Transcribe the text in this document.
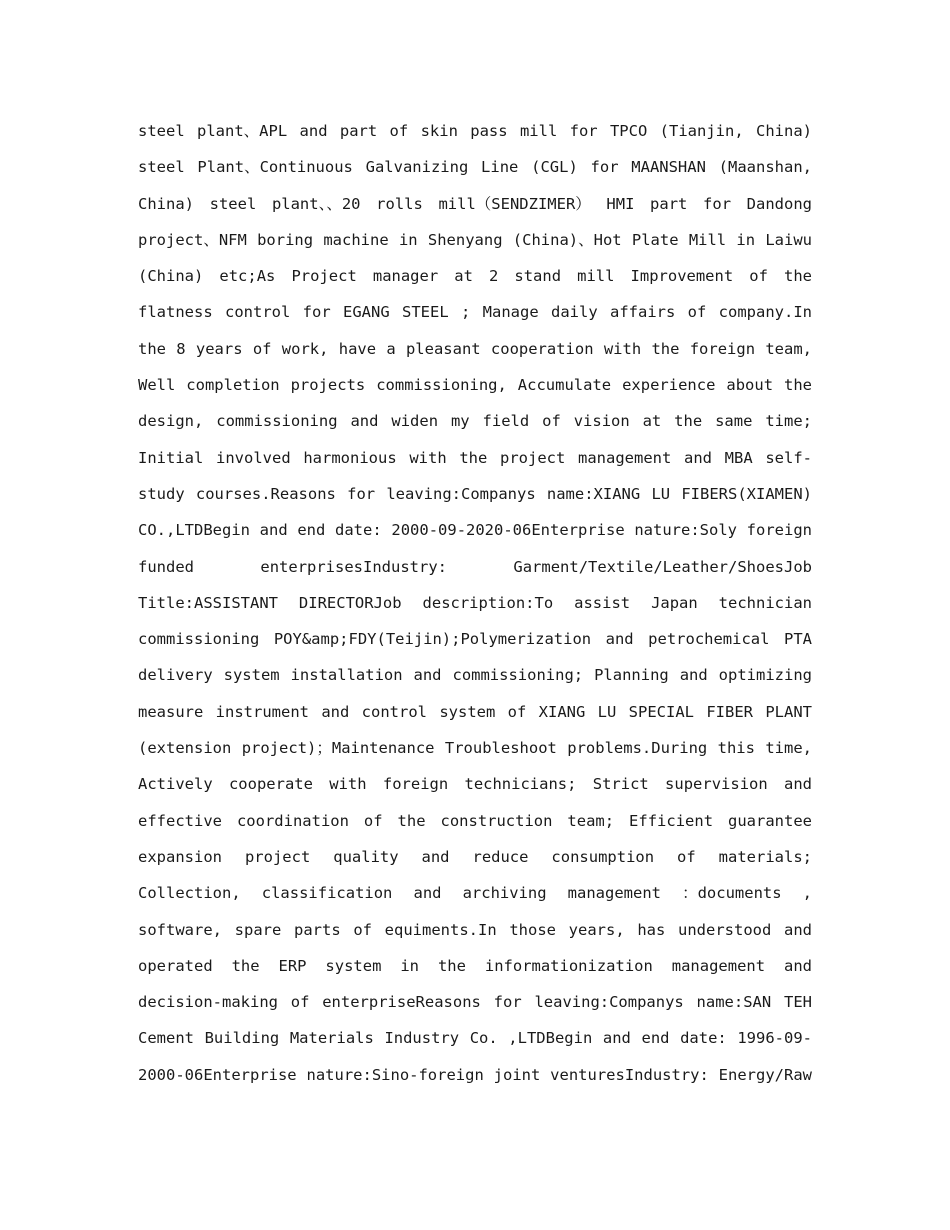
steel plant、APL and part of skin pass mill for TPCO (Tianjin, China)
steel Plant、Continuous Galvanizing Line (CGL) for MAANSHAN (Maanshan,
China) steel plant、、20 rolls mill（SENDZIMER） HMI part for Dandong
project、NFM boring machine in Shenyang (China)、Hot Plate Mill in Laiwu
(China) etc;As Project manager at 2 stand mill Improvement of the
flatness control for EGANG STEEL ; Manage daily affairs of company.In
the 8 years of work, have a pleasant cooperation with the foreign team,
Well completion projects commissioning, Accumulate experience about the
design, commissioning and widen my field of vision at the same time;
Initial involved harmonious with the project management and MBA self-
study courses.Reasons for leaving:Companys name:XIANG LU FIBERS(XIAMEN)
CO.,LTDBegin and end date: 2000-09-2020-06Enterprise nature:Soly foreign
funded enterprisesIndustry: Garment/Textile/Leather/ShoesJob
Title:ASSISTANT DIRECTORJob description:To assist Japan technician
commissioning POY&amp;FDY(Teijin);Polymerization and petrochemical PTA
delivery system installation and commissioning; Planning and optimizing
measure instrument and control system of XIANG LU SPECIAL FIBER PLANT
(extension project)；Maintenance Troubleshoot problems.During this time,
Actively cooperate with foreign technicians; Strict supervision and
effective coordination of the construction team; Efficient guarantee
expansion project quality and reduce consumption of materials;
Collection, classification and archiving management ：documents ,
software, spare parts of equiments.In those years, has understood and
operated the ERP system in the informationization management and
decision-making of enterpriseReasons for leaving:Companys name:SAN TEH
Cement Building Materials Industry Co. ,LTDBegin and end date: 1996-09-
2000-06Enterprise nature:Sino-foreign joint venturesIndustry: Energy/Raw
